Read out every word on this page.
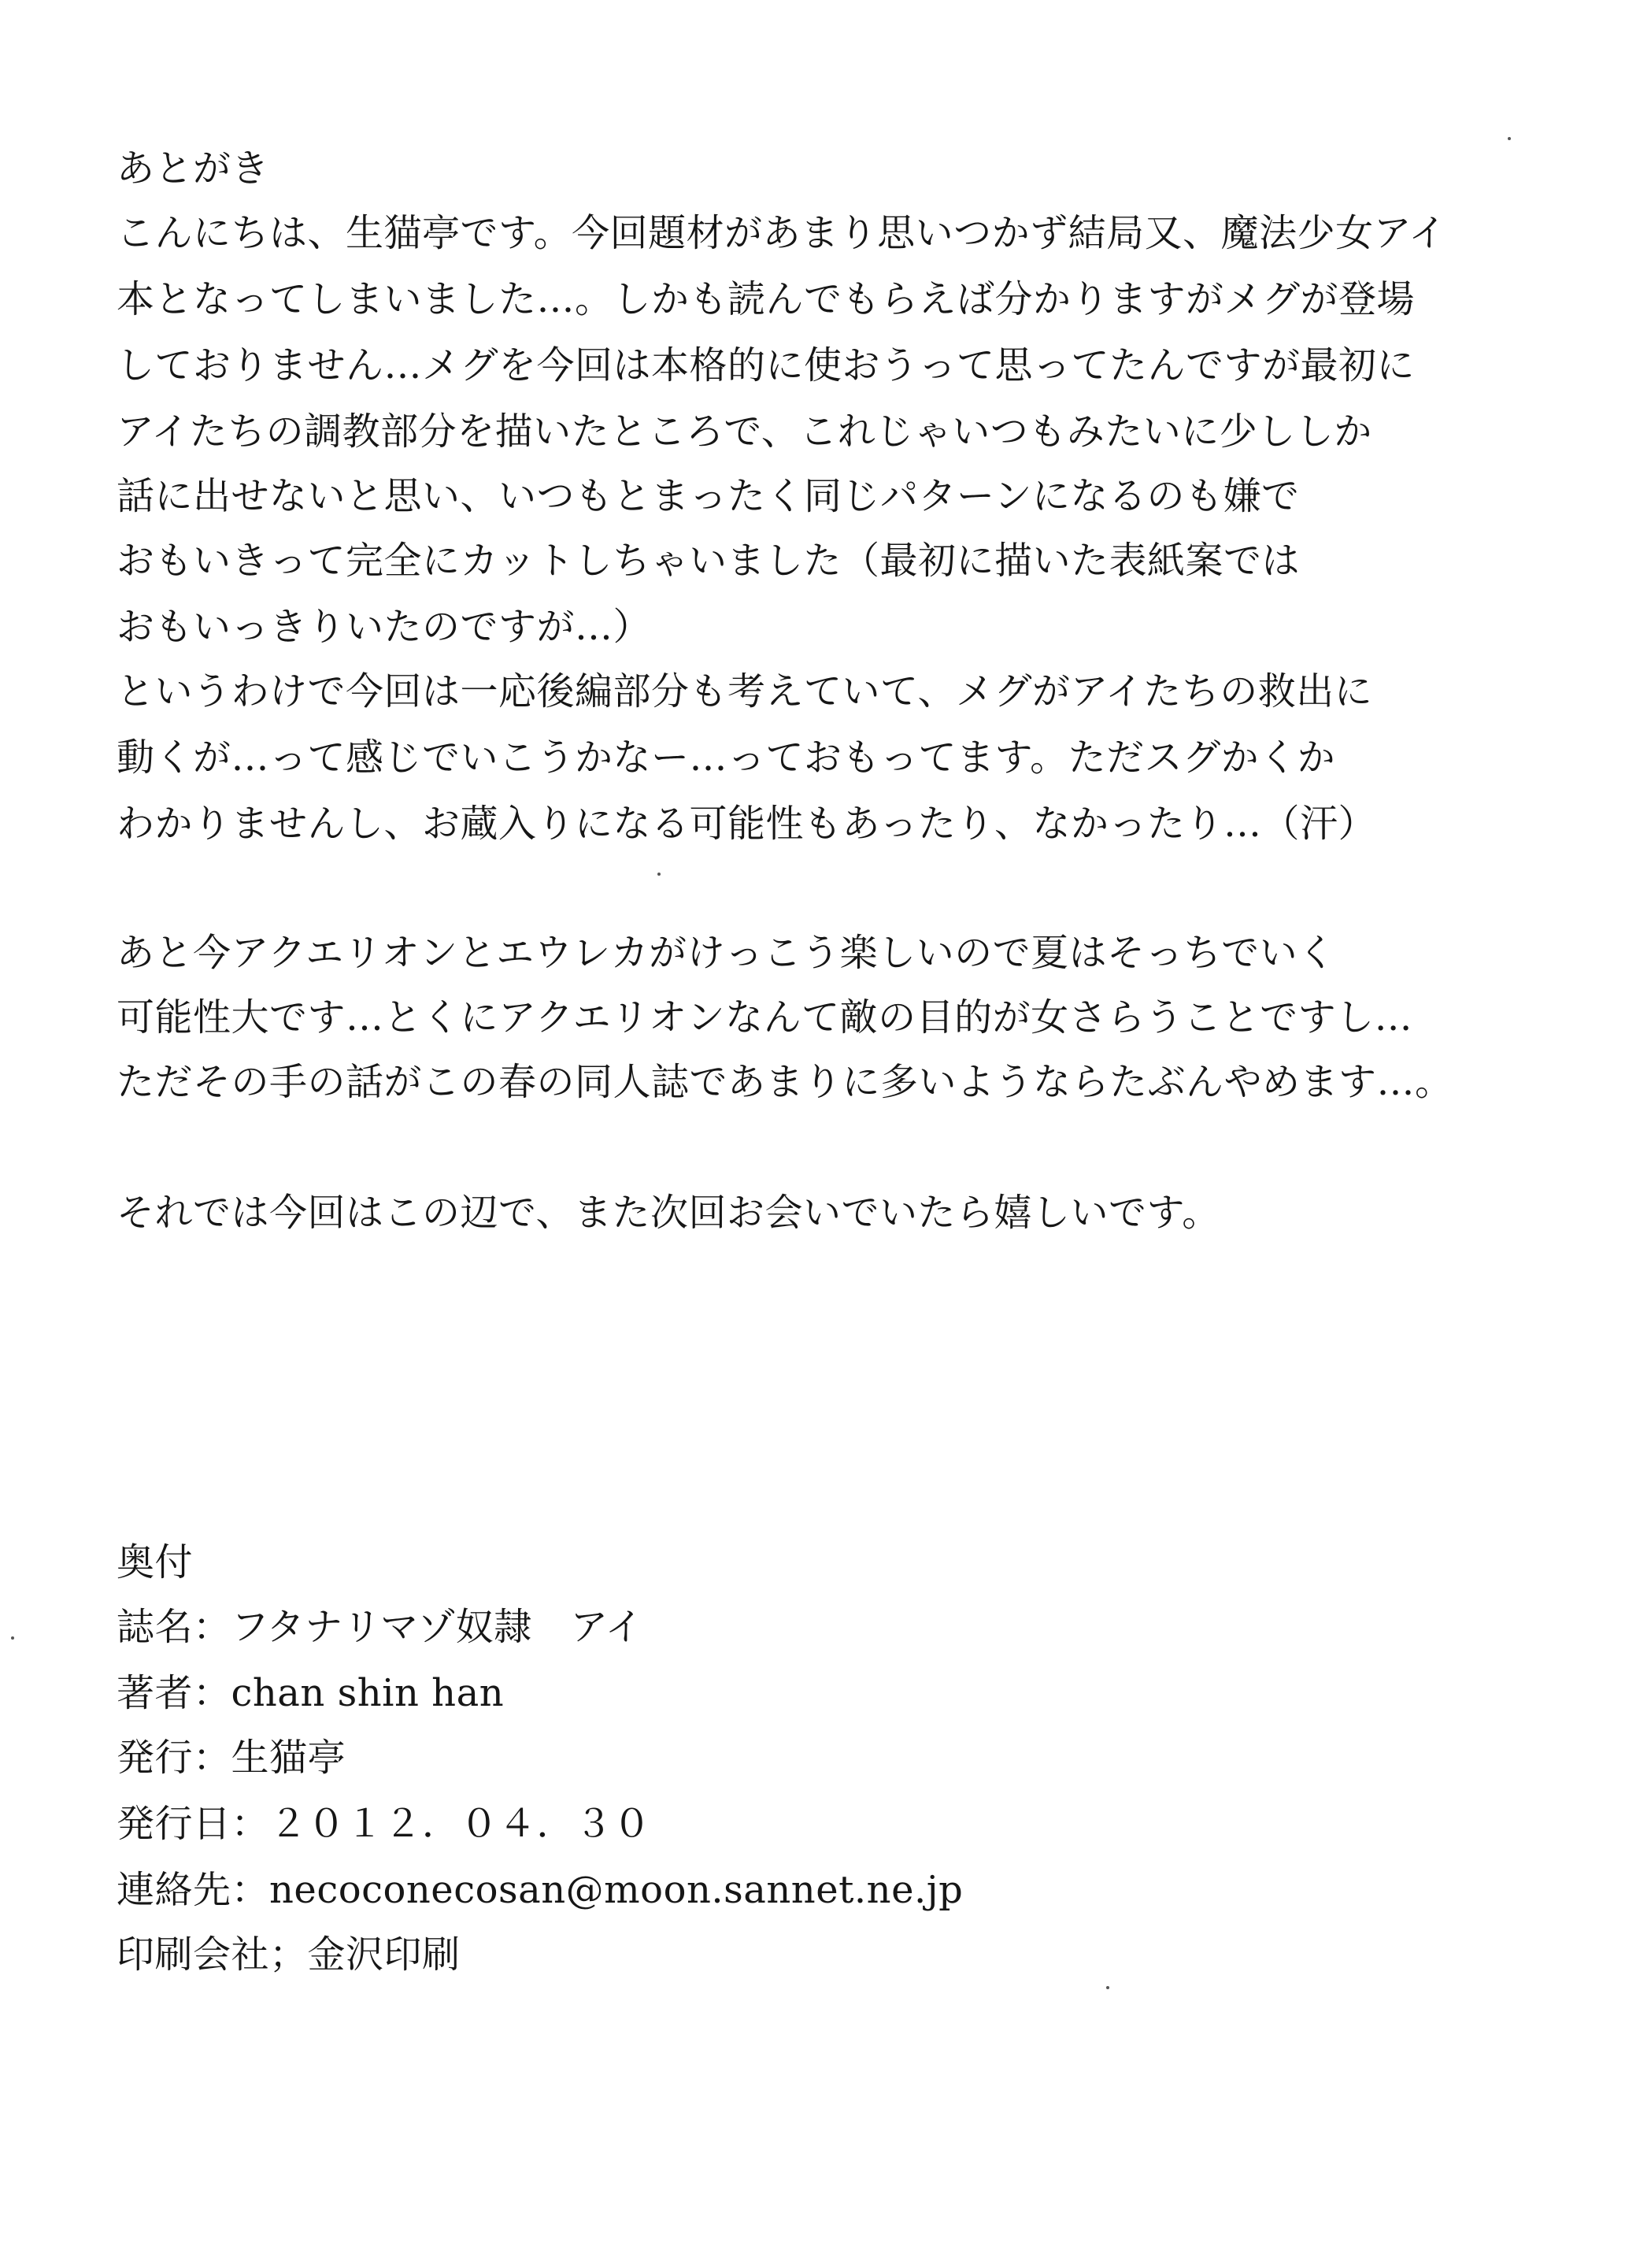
あとがき
こんにちは、生猫亭です。今回題材があまり思いつかず結局又、魔法少女アイ
本となってしまいました…。しかも読んでもらえば分かりますがメグが登場
しておりません…メグを今回は本格的に使おうって思ってたんですが最初に
アイたちの調教部分を描いたところで、これじゃいつもみたいに少ししか
話に出せないと思い、いつもとまったく同じパターンになるのも嫌で
おもいきって完全にカットしちゃいました（最初に描いた表紙案では
おもいっきりいたのですが…）
というわけで今回は一応後編部分も考えていて、メグがアイたちの救出に
動くが…って感じでいこうかなー…っておもってます。ただスグかくか
わかりませんし、お蔵入りになる可能性もあったり、なかったり…（汗）
あと今アクエリオンとエウレカがけっこう楽しいので夏はそっちでいく
可能性大です…とくにアクエリオンなんて敵の目的が女さらうことですし…
ただその手の話がこの春の同人誌であまりに多いようならたぶんやめます…。
それでは今回はこの辺で、また次回お会いでいたら嬉しいです。
奥付
誌名：フタナリマゾ奴隷　アイ
著者：chan shin han
発行：生猫亭
発行日：２０１２．０４．３０
連絡先：necoconecosan@moon.sannet.ne.jp
印刷会社；金沢印刷
